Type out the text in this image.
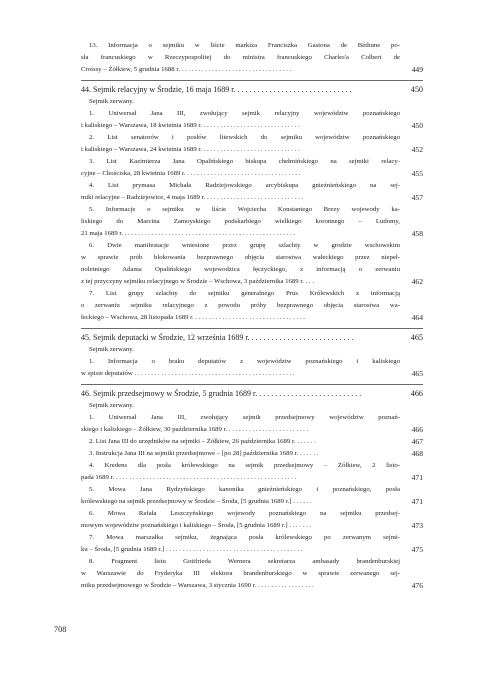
13. Informacja o sejmiku w liście markiza Franciszka Gastona de Béthune po-
sła francuskiego w Rzeczypospolitej do ministra francuskiego Charles'a Colbert de
Croissy – Żółkiew, 5 grudnia 1688 r. . . . . . . . . . . . . . . . . . . . . . . . . . . . . . . . . .	449
44. Sejmik relacyjny w Środzie, 16 maja 1689 r. . . . . . . . . . . . . . . . . . . . . . . . . . . . . .	450
Sejmik zerwany.
1. Uniwersał Jana III, zwołujący sejmik relacyjny województw poznańskiego
i kaliskiego – Warszawa, 18 kwietnia 1689 r. . . . . . . . . . . . . . . . . . . . . . . . . . . . . .	450
2. List senatorów i posłów litewskich do sejmiku województw poznańskiego
i kaliskiego – Warszawa, 24 kwietnia 1689 r. . . . . . . . . . . . . . . . . . . . . . . . . . . . . .	452
3. List Kazimierza Jana Opalińskiego biskupa chełmińskiego na sejmiki relacy-
cyjne – Chościska, 28 kwietnia 1689 r. . . . . . . . . . . . . . . . . . . . . . . . . . . . . . . . . . .	455
4. List prymasa Michała Radziejowskiego arcybiskupa gnieźnieńskiego na sej-
miki relacyjne – Radziejowice, 4 maja 1689 r. . . . . . . . . . . . . . . . . . . . . . . . . . . . . .	457
5. Informacje o sejmiku w liście Wojciecha Konstantego Brezy wojewody ka-
liskiego do Marcina Zamoyskiego podskarbiego wielkiego koronnego – Ludomy,
21 maja 1689 r. . . . . . . . . . . . . . . . . . . . . . . . . . . . . . . . . . . . . . . . . . . . . . . . . . . .	458
6. Dwie manifestacje wniesione przez grupę szlachty w grodzie wschowskim
w sprawie prób blokowania bezprawnego objęcia starostwa wałeckiego przez niepeł-
noletniego Adama Opalińskiego wojewodzica łęczyckiego, z informacją o zerwaniu
z tej przyczyny sejmiku relacyjnego w Środzie – Wschowa, 3 października 1689 r. . . .	462
7. List grupy szlachty do sejmiku generalnego Prus Królewskich z informacją
o zerwaniu sejmiku relacyjnego z powodu próby bezprawnego objęcia starostwa wa-
łeckiego – Wschowa, 28 listopada 1689 r. . . . . . . . . . . . . . . . . . . . . . . . . . . . . . . . . .	464
45. Sejmik deputacki w Środzie, 12 września 1689 r. . . . . . . . . . . . . . . . . . . . . . . . . . .	465
Sejmik zerwany.
1. Informacja o braku deputatów z województw poznańskiego i kaliskiego
w spisie deputatów . . . . . . . . . . . . . . . . . . . . . . . . . . . . . . . . . . . . . . . . . . . . . . . .	465
46. Sejmik przedsejmowy w Środzie, 5 grudnia 1689 r. . . . . . . . . . . . . . . . . . . . . . . . . . .	466
Sejmik zerwany.
1. Uniwersał Jana III, zwołujący sejmik przedsejmowy województw poznań-
skiego i kaliskiego – Żółkiew, 30 października 1689 r. . . . . . . . . . . . . . . . . . . . . . . . .	466
2. List Jana III do urzędników na sejmiki – Żółkiew, 26 października 1689 r. . . . . . .	467
3. Instrukcja Jana III na sejmiki przedsejmowe – [po 28] października 1689 r. . . . . . .	468
4. Kredens dla posła królewskiego na sejmik przedsejmowy – Żółkiew, 2 listo-
pada 1689 r. . . . . . . . . . . . . . . . . . . . . . . . . . . . . . . . . . . . . . . . . . . . . . . . . . . . . . .	471
5. Mowa Jana Rydzyńskiego kanonika gnieźnieńskiego i poznańskiego, posła
królewskiego na sejmik przedsejmowy w Środzie – Środa, [5 grudnia 1689 r.] . . . . . .	471
6. Mowa Rafała Leszczyńskiego wojewody poznańskiego na sejmiku przedsej-
mowym województw poznańskiego i kaliskiego – Środa, [5 grudnia 1689 r.] . . . . . . .	473
7. Mowa marszałka sejmiku, żegnająca posła królewskiego po zerwanym sejmi-
ku – Środa, [5 grudnia 1689 r.] . . . . . . . . . . . . . . . . . . . . . . . . . . . . . . . . . . . . . . . . .	475
8. Fragment listu Gottfrieda Wernera sekretarza ambasady brandenburskiej
w Warszawie do Fryderyka III elektora brandenburskiego w sprawie zerwanego sej-
miku przedsejmowego w Środzie – Warszawa, 3 stycznia 1690 r. . . . . . . . . . . . . . . . . .	476
708
